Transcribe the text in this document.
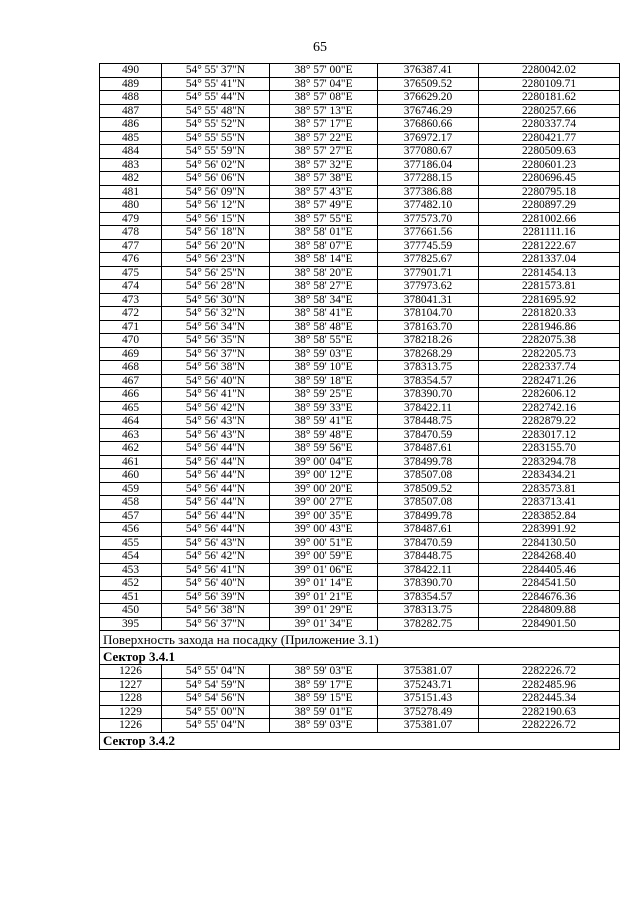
65
490	54° 55' 37"N	38° 57' 00"E	376387.41	2280042.02
489	54° 55' 41"N	38° 57' 04"E	376509.52	2280109.71
488	54° 55' 44"N	38° 57' 08"E	376629.20	2280181.62
487	54° 55' 48"N	38° 57' 13"E	376746.29	2280257.66
486	54° 55' 52"N	38° 57' 17"E	376860.66	2280337.74
485	54° 55' 55"N	38° 57' 22"E	376972.17	2280421.77
484	54° 55' 59"N	38° 57' 27"E	377080.67	2280509.63
483	54° 56' 02"N	38° 57' 32"E	377186.04	2280601.23
482	54° 56' 06"N	38° 57' 38"E	377288.15	2280696.45
481	54° 56' 09"N	38° 57' 43"E	377386.88	2280795.18
480	54° 56' 12"N	38° 57' 49"E	377482.10	2280897.29
479	54° 56' 15"N	38° 57' 55"E	377573.70	2281002.66
478	54° 56' 18"N	38° 58' 01"E	377661.56	2281111.16
477	54° 56' 20"N	38° 58' 07"E	377745.59	2281222.67
476	54° 56' 23"N	38° 58' 14"E	377825.67	2281337.04
475	54° 56' 25"N	38° 58' 20"E	377901.71	2281454.13
474	54° 56' 28"N	38° 58' 27"E	377973.62	2281573.81
473	54° 56' 30"N	38° 58' 34"E	378041.31	2281695.92
472	54° 56' 32"N	38° 58' 41"E	378104.70	2281820.33
471	54° 56' 34"N	38° 58' 48"E	378163.70	2281946.86
470	54° 56' 35"N	38° 58' 55"E	378218.26	2282075.38
469	54° 56' 37"N	38° 59' 03"E	378268.29	2282205.73
468	54° 56' 38"N	38° 59' 10"E	378313.75	2282337.74
467	54° 56' 40"N	38° 59' 18"E	378354.57	2282471.26
466	54° 56' 41"N	38° 59' 25"E	378390.70	2282606.12
465	54° 56' 42"N	38° 59' 33"E	378422.11	2282742.16
464	54° 56' 43"N	38° 59' 41"E	378448.75	2282879.22
463	54° 56' 43"N	38° 59' 48"E	378470.59	2283017.12
462	54° 56' 44"N	38° 59' 56"E	378487.61	2283155.70
461	54° 56' 44"N	39° 00' 04"E	378499.78	2283294.78
460	54° 56' 44"N	39° 00' 12"E	378507.08	2283434.21
459	54° 56' 44"N	39° 00' 20"E	378509.52	2283573.81
458	54° 56' 44"N	39° 00' 27"E	378507.08	2283713.41
457	54° 56' 44"N	39° 00' 35"E	378499.78	2283852.84
456	54° 56' 44"N	39° 00' 43"E	378487.61	2283991.92
455	54° 56' 43"N	39° 00' 51"E	378470.59	2284130.50
454	54° 56' 42"N	39° 00' 59"E	378448.75	2284268.40
453	54° 56' 41"N	39° 01' 06"E	378422.11	2284405.46
452	54° 56' 40"N	39° 01' 14"E	378390.70	2284541.50
451	54° 56' 39"N	39° 01' 21"E	378354.57	2284676.36
450	54° 56' 38"N	39° 01' 29"E	378313.75	2284809.88
395	54° 56' 37"N	39° 01' 34"E	378282.75	2284901.50
Поверхность захода на посадку (Приложение 3.1)				
Сектор 3.4.1				
1226	54° 55' 04"N	38° 59' 03"E	375381.07	2282226.72
1227	54° 54' 59"N	38° 59' 17"E	375243.71	2282485.96
1228	54° 54' 56"N	38° 59' 15"E	375151.43	2282445.34
1229	54° 55' 00"N	38° 59' 01"E	375278.49	2282190.63
1226	54° 55' 04"N	38° 59' 03"E	375381.07	2282226.72
Сектор 3.4.2				
